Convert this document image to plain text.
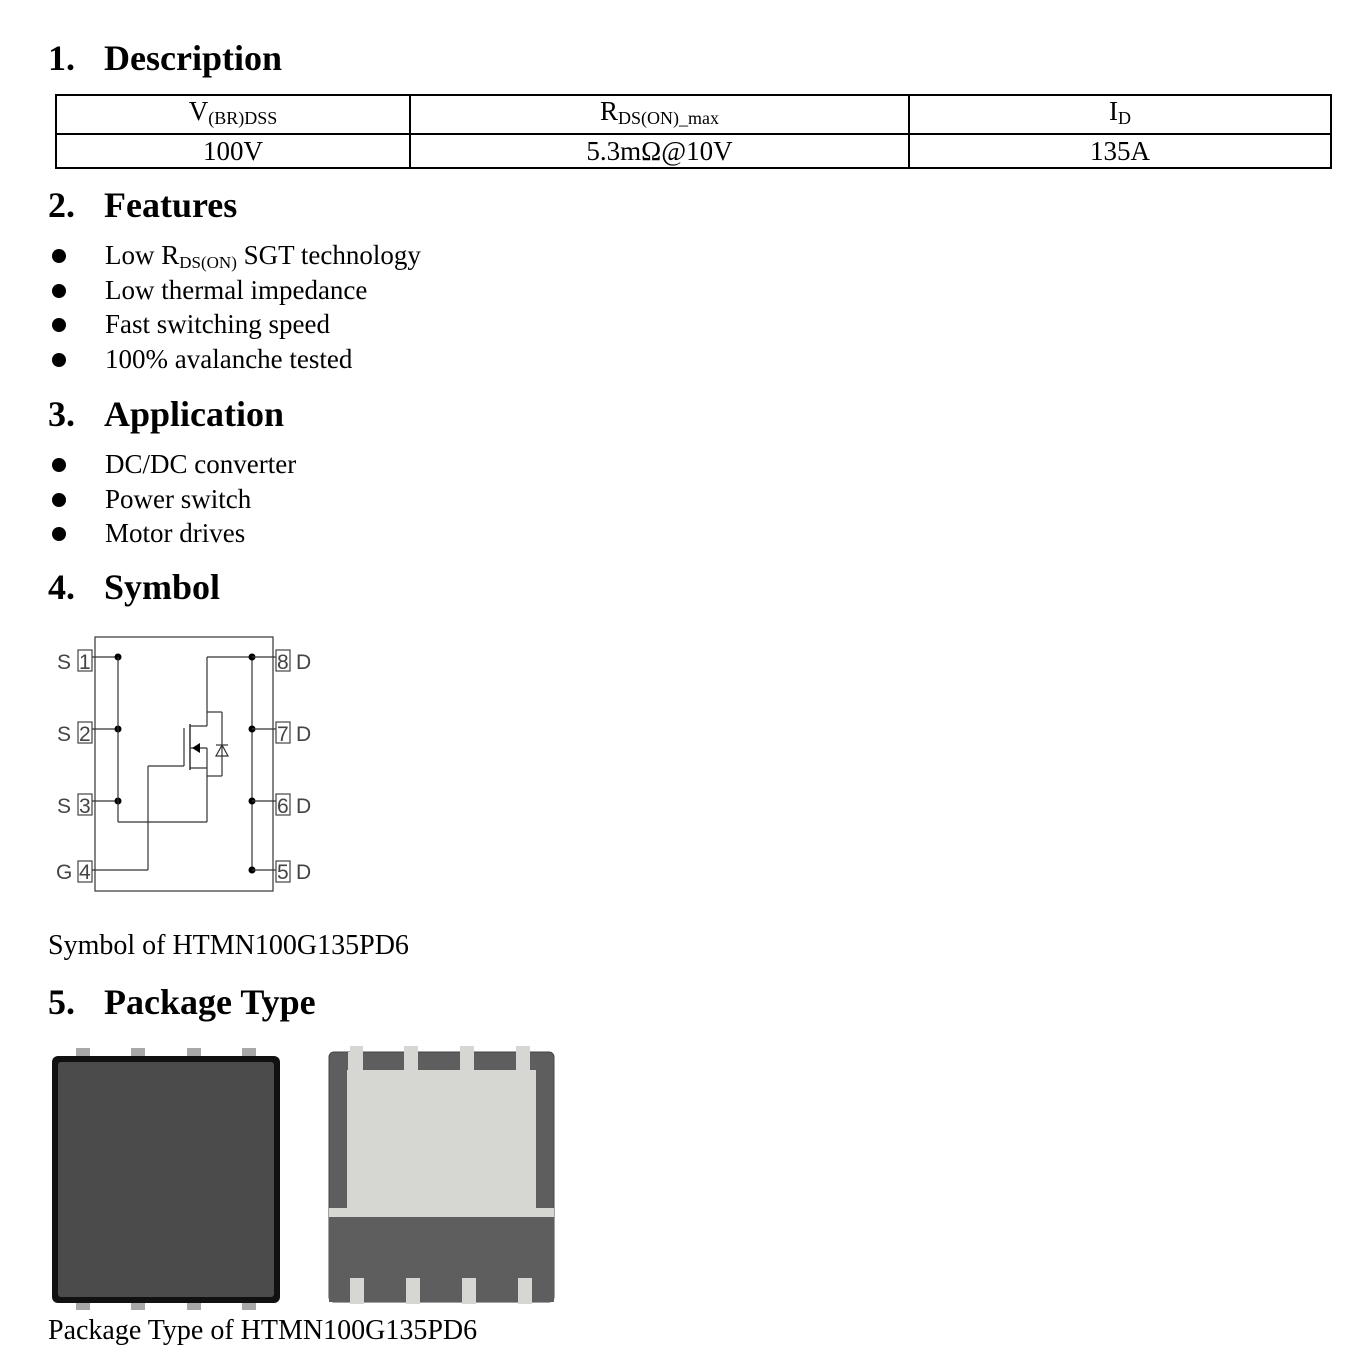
1. Description
$V_{(BR)DSS}$	$R_{DS(ON)\_max}$	$I_D$
100V	5.3mΩ@10V	135A
2. Features
Low $R_{DS(ON)}$ SGT technology
Low thermal impedance
Fast switching speed
100% avalanche tested
3. Application
DC/DC converter
Power switch
Motor drives
4. Symbol
S 1
S 2
S 3
G 4
8 D
7 D
6 D
5 D
Symbol of HTMN100G135PD6
5. Package Type
Package Type of HTMN100G135PD6
